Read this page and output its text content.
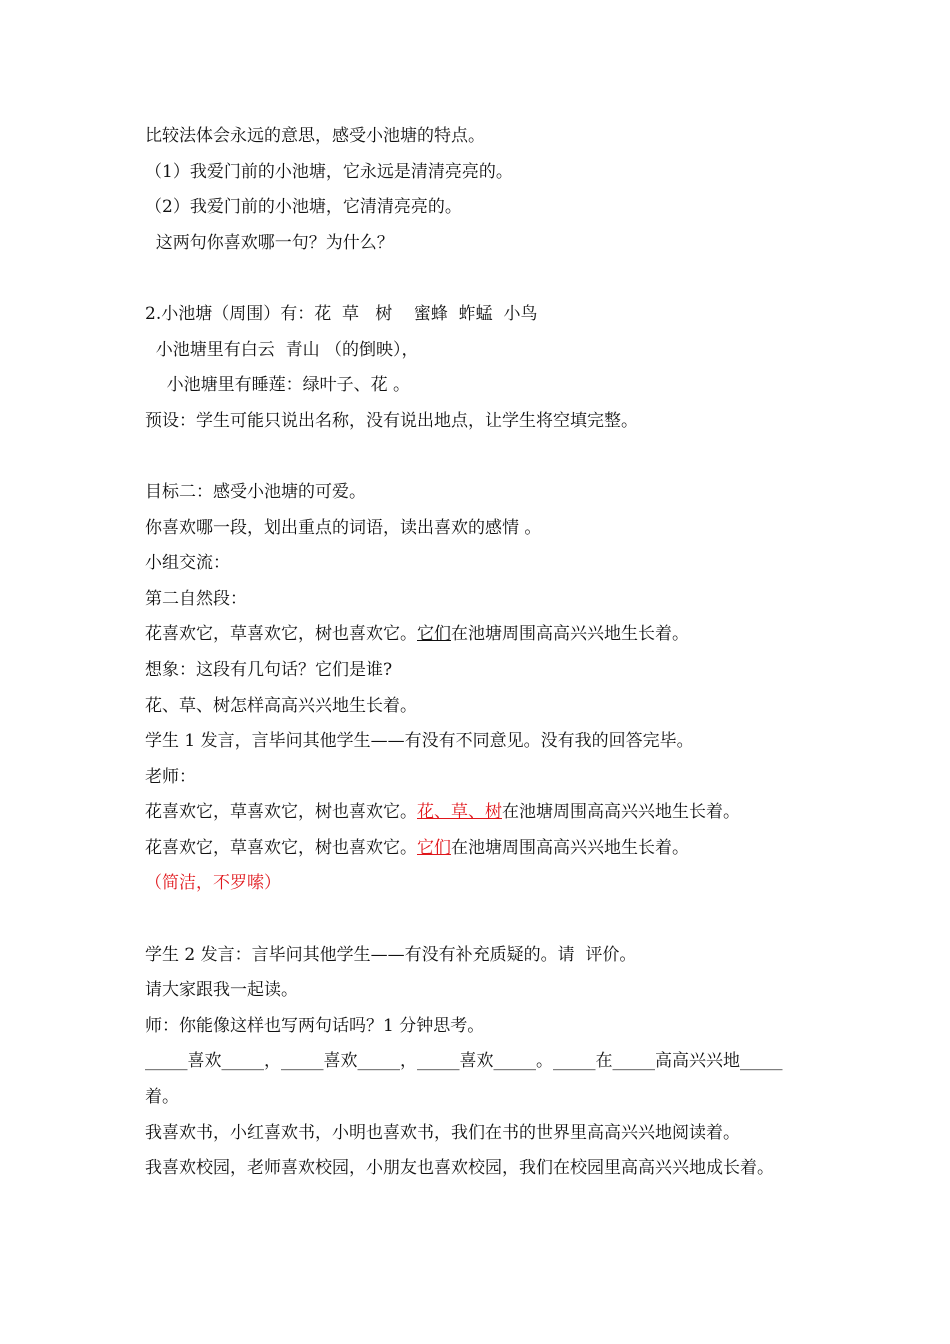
比较法体会永远的意思，感受小池塘的特点。

（1）我爱门前的小池塘，它永远是清清亮亮的。

（2）我爱门前的小池塘，它清清亮亮的。

这两句你喜欢哪一句？为什么？

2.小池塘（周围）有：花  草   树    蜜蜂  蚱蜢  小鸟

小池塘里有白云  青山 （的倒映），

小池塘里有睡莲：绿叶子、花 。

预设：学生可能只说出名称，没有说出地点，让学生将空填完整。

目标二：感受小池塘的可爱。

你喜欢哪一段，划出重点的词语，读出喜欢的感情 。

小组交流：

第二自然段：

花喜欢它，草喜欢它，树也喜欢它。它们在池塘周围高高兴兴地生长着。

想象：这段有几句话？它们是谁?

花、草、树怎样高高兴兴地生长着。

学生 1 发言，言毕问其他学生——有没有不同意见。没有我的回答完毕。

老师：

花喜欢它，草喜欢它，树也喜欢它。花、草、树在池塘周围高高兴兴地生长着。

花喜欢它，草喜欢它，树也喜欢它。它们在池塘周围高高兴兴地生长着。（简洁，不罗嗦）

学生 2 发言：言毕问其他学生——有没有补充质疑的。请  评价。

请大家跟我一起读。

师：你能像这样也写两句话吗？1 分钟思考。

_____喜欢_____，_____喜欢_____，_____喜欢_____。_____在_____高高兴兴地_____着。

我喜欢书，小红喜欢书，小明也喜欢书，我们在书的世界里高高兴兴地阅读着。

我喜欢校园，老师喜欢校园，小朋友也喜欢校园，我们在校园里高高兴兴地成长着。
